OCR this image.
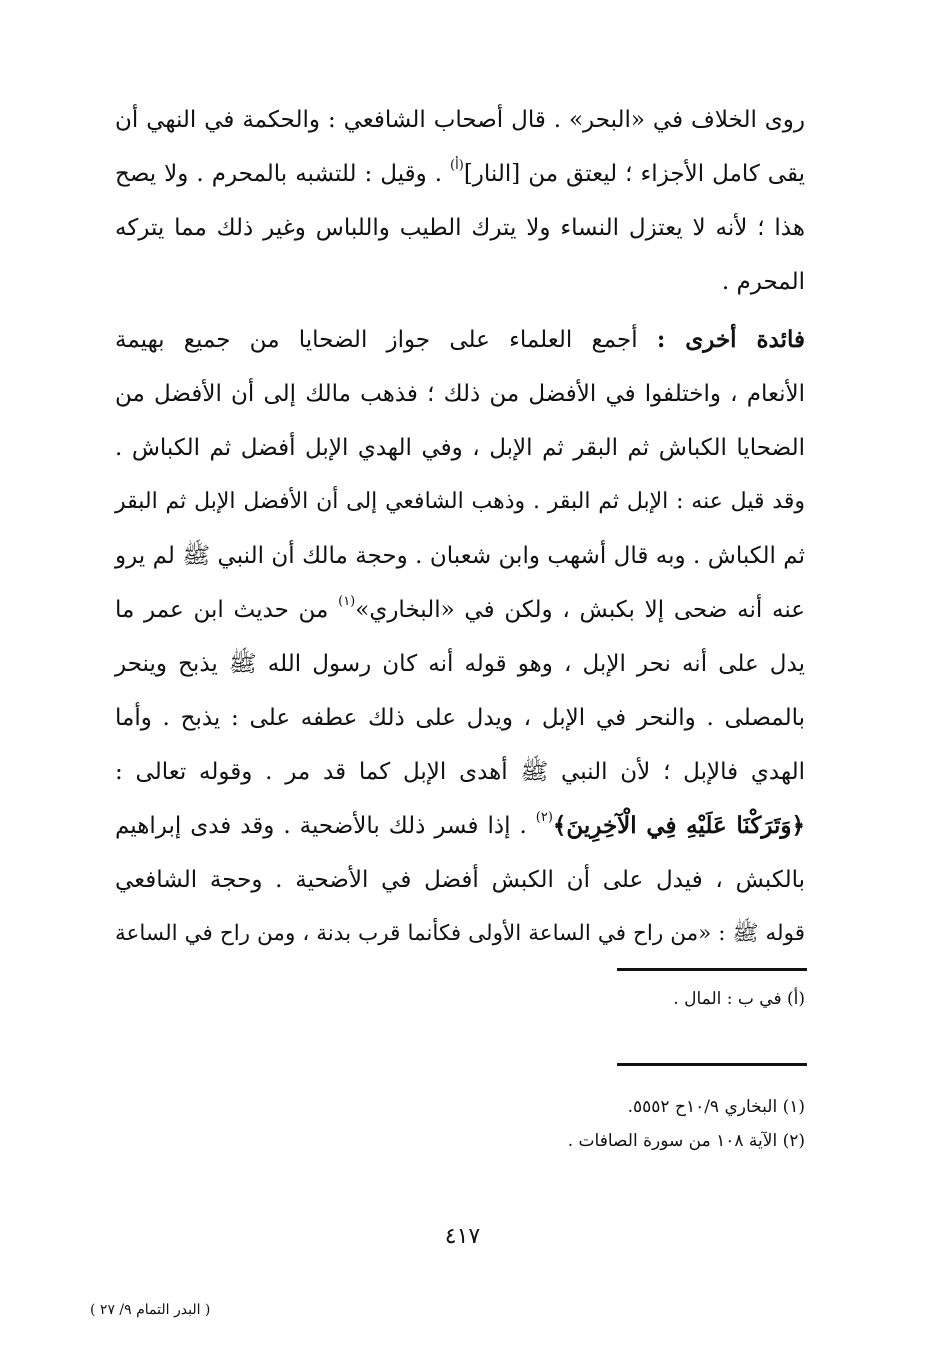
روى الخلاف في «البحر» . قال أصحاب الشافعي : والحكمة في النهي أن
يقى كامل الأجزاء ؛ ليعتق من [النار]$^{(أ)}$ . وقيل : للتشبه بالمحرم . ولا يصح
هذا ؛ لأنه لا يعتزل النساء ولا يترك الطيب واللباس وغير ذلك مما يتركه
المحرم .
فائدة أخرى : أجمع العلماء على جواز الضحايا من جميع بهيمة
الأنعام ، واختلفوا في الأفضل من ذلك ؛ فذهب مالك إلى أن الأفضل من
الضحايا الكباش ثم البقر ثم الإبل ، وفي الهدي الإبل أفضل ثم الكباش .
وقد قيل عنه : الإبل ثم البقر . وذهب الشافعي إلى أن الأفضل الإبل ثم البقر
ثم الكباش . وبه قال أشهب وابن شعبان . وحجة مالك أن النبي ﷺ لم يرو
عنه أنه ضحى إلا بكبش ، ولكن في «البخاري»$^{(١)}$ من حديث ابن عمر ما
يدل على أنه نحر الإبل ، وهو قوله أنه كان رسول الله ﷺ يذبح وينحر
بالمصلى . والنحر في الإبل ، ويدل على ذلك عطفه على : يذبح . وأما
الهدي فالإبل ؛ لأن النبي ﷺ أهدى الإبل كما قد مر . وقوله تعالى :
﴿وَتَرَكْنَا عَلَيْهِ فِي الْآخِرِينَ﴾$^{(٢)}$ . إذا فسر ذلك بالأضحية . وقد فدى إبراهيم
بالكبش ، فيدل على أن الكبش أفضل في الأضحية . وحجة الشافعي
قوله ﷺ : «من راح في الساعة الأولى فكأنما قرب بدنة ، ومن راح في الساعة
(أ) في ب : المال .
(١) البخاري ١٠/٩ح ٥٥٥٢.
(٢) الآية ١٠٨ من سورة الصافات .
٤١٧
( البدر التمام ٩/ ٢٧ )
